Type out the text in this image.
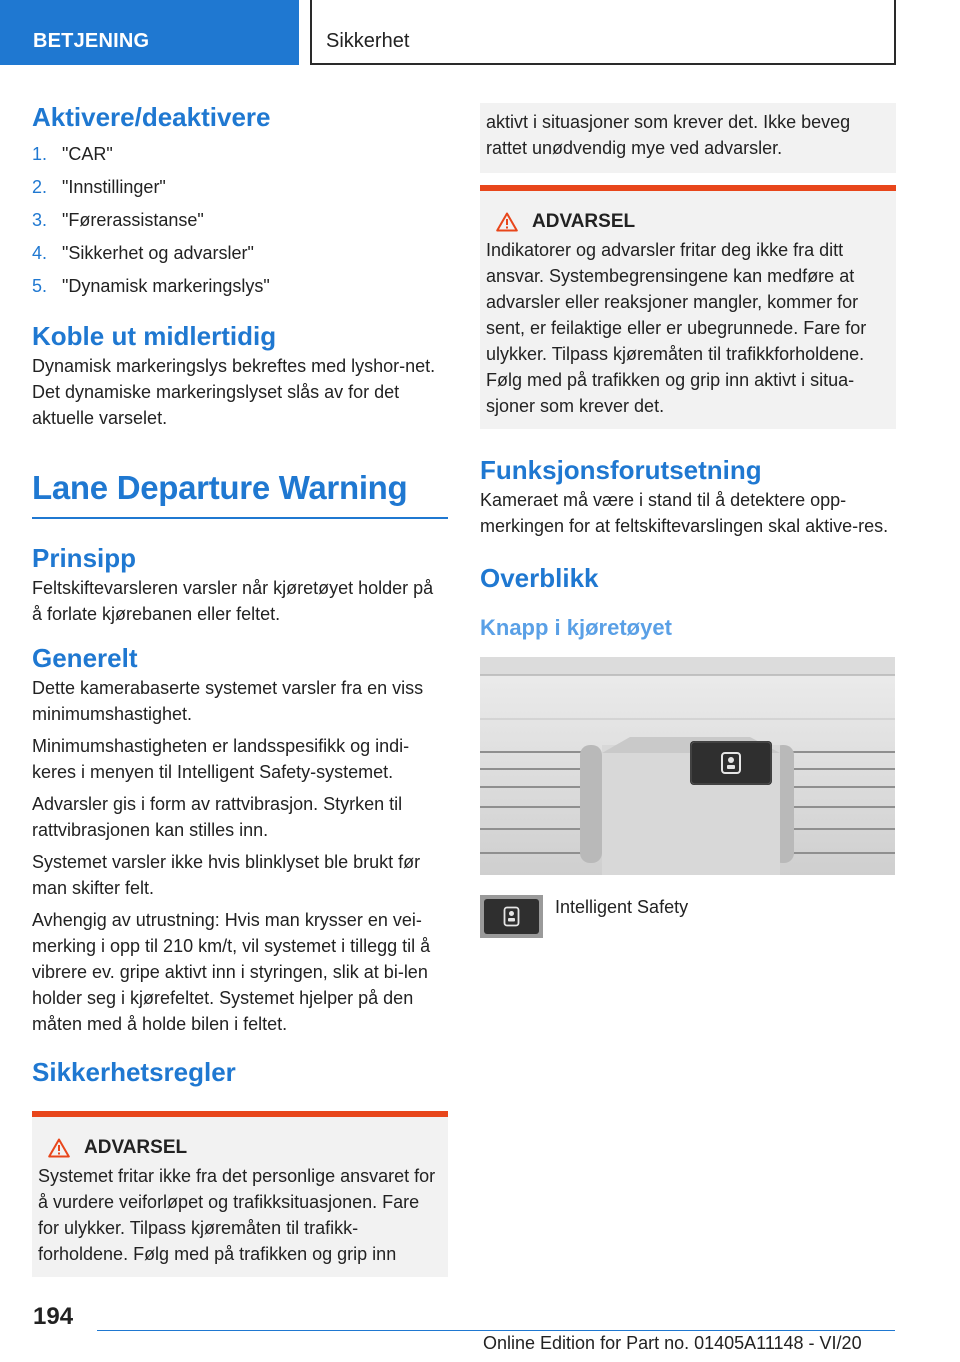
BETJENING	Sikkerhet
Aktivere/deaktivere
1. "CAR"
2. "Innstillinger"
3. "Førerassistanse"
4. "Sikkerhet og advarsler"
5. "Dynamisk markeringslys"
Koble ut midlertidig

Dynamisk markeringslys bekreftes med lyshor-net. Det dynamiske markeringslyset slås av for det aktuelle varselet.

Lane Departure Warning
Prinsipp

Feltskiftevarsleren varsler når kjøretøyet holder på å forlate kjørebanen eller feltet.

Generelt

Dette kamerabaserte systemet varsler fra en viss minimumshastighet.

Minimumshastigheten er landsspesifikk og indi-keres i menyen til Intelligent Safety-systemet.

Advarsler gis i form av rattvibrasjon. Styrken til rattvibrasjonen kan stilles inn.

Systemet varsler ikke hvis blinklyset ble brukt før man skifter felt.

Avhengig av utrustning: Hvis man krysser en vei-merking i opp til 210 km/t, vil systemet i tillegg til å vibrere ev. gripe aktivt inn i styringen, slik at bi-len holder seg i kjørefeltet. Systemet hjelper på den måten med å holde bilen i feltet.

Sikkerhetsregler
ADVARSEL

Systemet fritar ikke fra det personlige ansvaret for å vurdere veiforløpet og trafikksituasjonen. Fare for ulykker. Tilpass kjøremåten til trafikk-forholdene. Følg med på trafikken og grip inn

aktivt i situasjoner som krever det. Ikke beveg rattet unødvendig mye ved advarsler.

ADVARSEL

Indikatorer og advarsler fritar deg ikke fra ditt ansvar. Systembegrensingene kan medføre at advarsler eller reaksjoner mangler, kommer for sent, er feilaktige eller er ubegrunnede. Fare for ulykker. Tilpass kjøremåten til trafikkforholdene. Følg med på trafikken og grip inn aktivt i situa-sjoner som krever det.

Funksjonsforutsetning

Kameraet må være i stand til å detektere opp-merkingen for at feltskiftevarslingen skal aktive-res.

Overblikk
Knapp i kjøretøyet
Intelligent Safety
194
Online Edition for Part no. 01405A11148 - VI/20
